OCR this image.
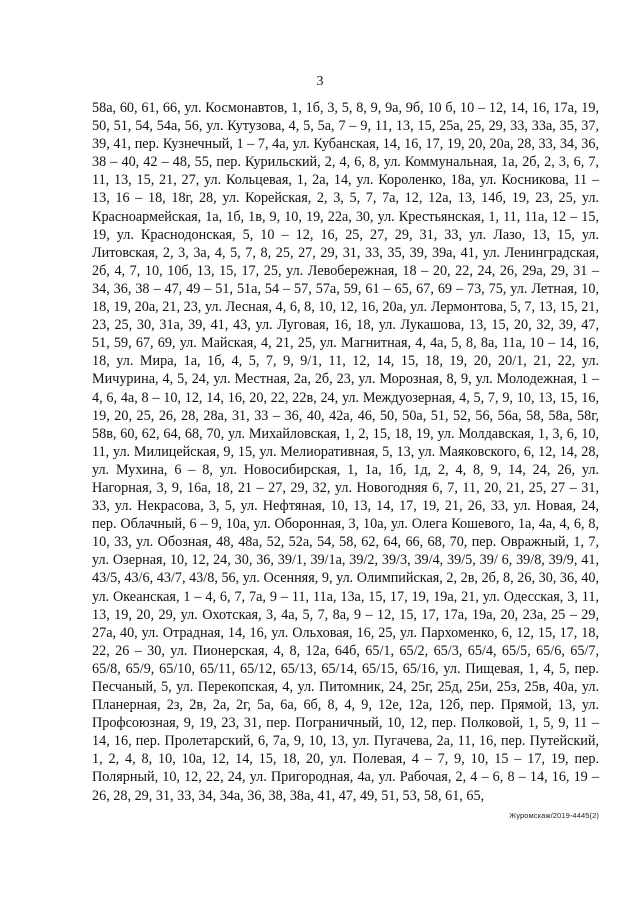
3

58а, 60, 61, 66, ул. Космонавтов, 1, 1б, 3, 5, 8, 9, 9а, 9б, 10 б, 10 – 12, 14, 16, 17а, 19, 50, 51, 54, 54а, 56, ул. Кутузова, 4, 5, 5а, 7 – 9, 11, 13, 15, 25а, 25, 29, 33, 33а, 35, 37, 39, 41, пер. Кузнечный, 1 – 7, 4а, ул. Кубанская, 14, 16, 17, 19, 20, 20а, 28, 33, 34, 36, 38 – 40, 42 – 48, 55, пер. Курильский, 2, 4, 6, 8, ул. Коммунальная, 1а, 2б, 2, 3, 6, 7, 11, 13, 15, 21, 27, ул. Кольцевая, 1, 2а, 14, ул. Короленко, 18а, ул. Косникова, 11 – 13, 16 – 18, 18г, 28, ул. Корейская, 2, 3, 5, 7, 7а, 12, 12а, 13, 14б, 19, 23, 25, ул. Красноармейская, 1а, 1б, 1в, 9, 10, 19, 22а, 30, ул. Крестьянская, 1, 11, 11а, 12 – 15, 19, ул. Краснодонская, 5, 10 – 12, 16, 25, 27, 29, 31, 33, ул. Лазо, 13, 15, ул. Литовская, 2, 3, 3а, 4, 5, 7, 8, 25, 27, 29, 31, 33, 35, 39, 39а, 41, ул. Ленинградская, 2б, 4, 7, 10, 10б, 13, 15, 17, 25, ул. Левобережная, 18 – 20, 22, 24, 26, 29а, 29, 31 – 34, 36, 38 – 47, 49 – 51, 51а, 54 – 57, 57а, 59, 61 – 65, 67, 69 – 73, 75, ул. Летная, 10, 18, 19, 20а, 21, 23, ул. Лесная, 4, 6, 8, 10, 12, 16, 20а, ул. Лермонтова, 5, 7, 13, 15, 21, 23, 25, 30, 31а, 39, 41, 43, ул. Луговая, 16, 18, ул. Лукашова, 13, 15, 20, 32, 39, 47, 51, 59, 67, 69, ул. Майская, 4, 21, 25, ул. Магнитная, 4, 4а, 5, 8, 8а, 11а, 10 – 14, 16, 18, ул. Мира, 1а, 1б, 4, 5, 7, 9, 9/1, 11, 12, 14, 15, 18, 19, 20, 20/1, 21, 22, ул. Мичурина, 4, 5, 24, ул. Местная, 2а, 2б, 23, ул. Морозная, 8, 9, ул. Молодежная, 1 – 4, 6, 4а, 8 – 10, 12, 14, 16, 20, 22, 22в, 24, ул. Междуозерная, 4, 5, 7, 9, 10, 13, 15, 16, 19, 20, 25, 26, 28, 28а, 31, 33 – 36, 40, 42а, 46, 50, 50а, 51, 52, 56, 56а, 58, 58а, 58г, 58в, 60, 62, 64, 68, 70, ул. Михайловская, 1, 2, 15, 18, 19, ул. Молдавская, 1, 3, 6, 10, 11, ул. Милицейская, 9, 15, ул. Мелиоративная, 5, 13, ул. Маяковского, 6, 12, 14, 28, ул. Мухина, 6 – 8, ул. Новосибирская, 1, 1а, 1б, 1д, 2, 4, 8, 9, 14, 24, 26, ул. Нагорная, 3, 9, 16а, 18, 21 – 27, 29, 32, ул. Новогодняя 6, 7, 11, 20, 21, 25, 27 – 31, 33, ул. Некрасова, 3, 5, ул. Нефтяная, 10, 13, 14, 17, 19, 21, 26, 33, ул. Новая, 24, пер. Облачный, 6 – 9, 10а, ул. Оборонная, 3, 10а, ул. Олега Кошевого, 1а, 4а, 4, 6, 8, 10, 33, ул. Обозная, 48, 48а, 52, 52а, 54, 58, 62, 64, 66, 68, 70, пер. Овражный, 1, 7, ул. Озерная, 10, 12, 24, 30, 36, 39/1, 39/1а, 39/2, 39/3, 39/4, 39/5, 39/ 6, 39/8, 39/9, 41, 43/5, 43/6, 43/7, 43/8, 56, ул. Осенняя, 9, ул. Олимпийская, 2, 2в, 2б, 8, 26, 30, 36, 40, ул. Океанская, 1 – 4, 6, 7, 7а, 9 – 11, 11а, 13а, 15, 17, 19, 19а, 21, ул. Одесская, 3, 11, 13, 19, 20, 29, ул. Охотская, 3, 4а, 5, 7, 8а, 9 – 12, 15, 17, 17а, 19а, 20, 23а, 25 – 29, 27а, 40, ул. Отрадная, 14, 16, ул. Ольховая, 16, 25, ул. Пархоменко, 6, 12, 15, 17, 18, 22, 26 – 30, ул. Пионерская, 4, 8, 12а, 64б, 65/1, 65/2, 65/3, 65/4, 65/5, 65/6, 65/7, 65/8, 65/9, 65/10, 65/11, 65/12, 65/13, 65/14, 65/15, 65/16, ул. Пищевая, 1, 4, 5, пер. Песчаный, 5, ул. Перекопская, 4, ул. Питомник, 24, 25г, 25д, 25и, 25з, 25в, 40а, ул. Планерная, 2з, 2в, 2а, 2г, 5а, 6а, 6б, 8, 4, 9, 12е, 12а, 12б, пер. Прямой, 13, ул. Профсоюзная, 9, 19, 23, 31, пер. Пограничный, 10, 12, пер. Полковой, 1, 5, 9, 11 – 14, 16, пер. Пролетарский, 6, 7а, 9, 10, 13, ул. Пугачева, 2а, 11, 16, пер. Путейский, 1, 2, 4, 8, 10, 10а, 12, 14, 15, 18, 20, ул. Полевая, 4 – 7, 9, 10, 15 – 17, 19, пер. Полярный, 10, 12, 22, 24, ул. Пригородная, 4а, ул. Рабочая, 2, 4 – 6, 8 – 14, 16, 19 –26, 28, 29, 31, 33, 34, 34а, 36, 38, 38а, 41, 47, 49, 51, 53, 58, 61, 65,

Журомскаж/2019-4445(2)
